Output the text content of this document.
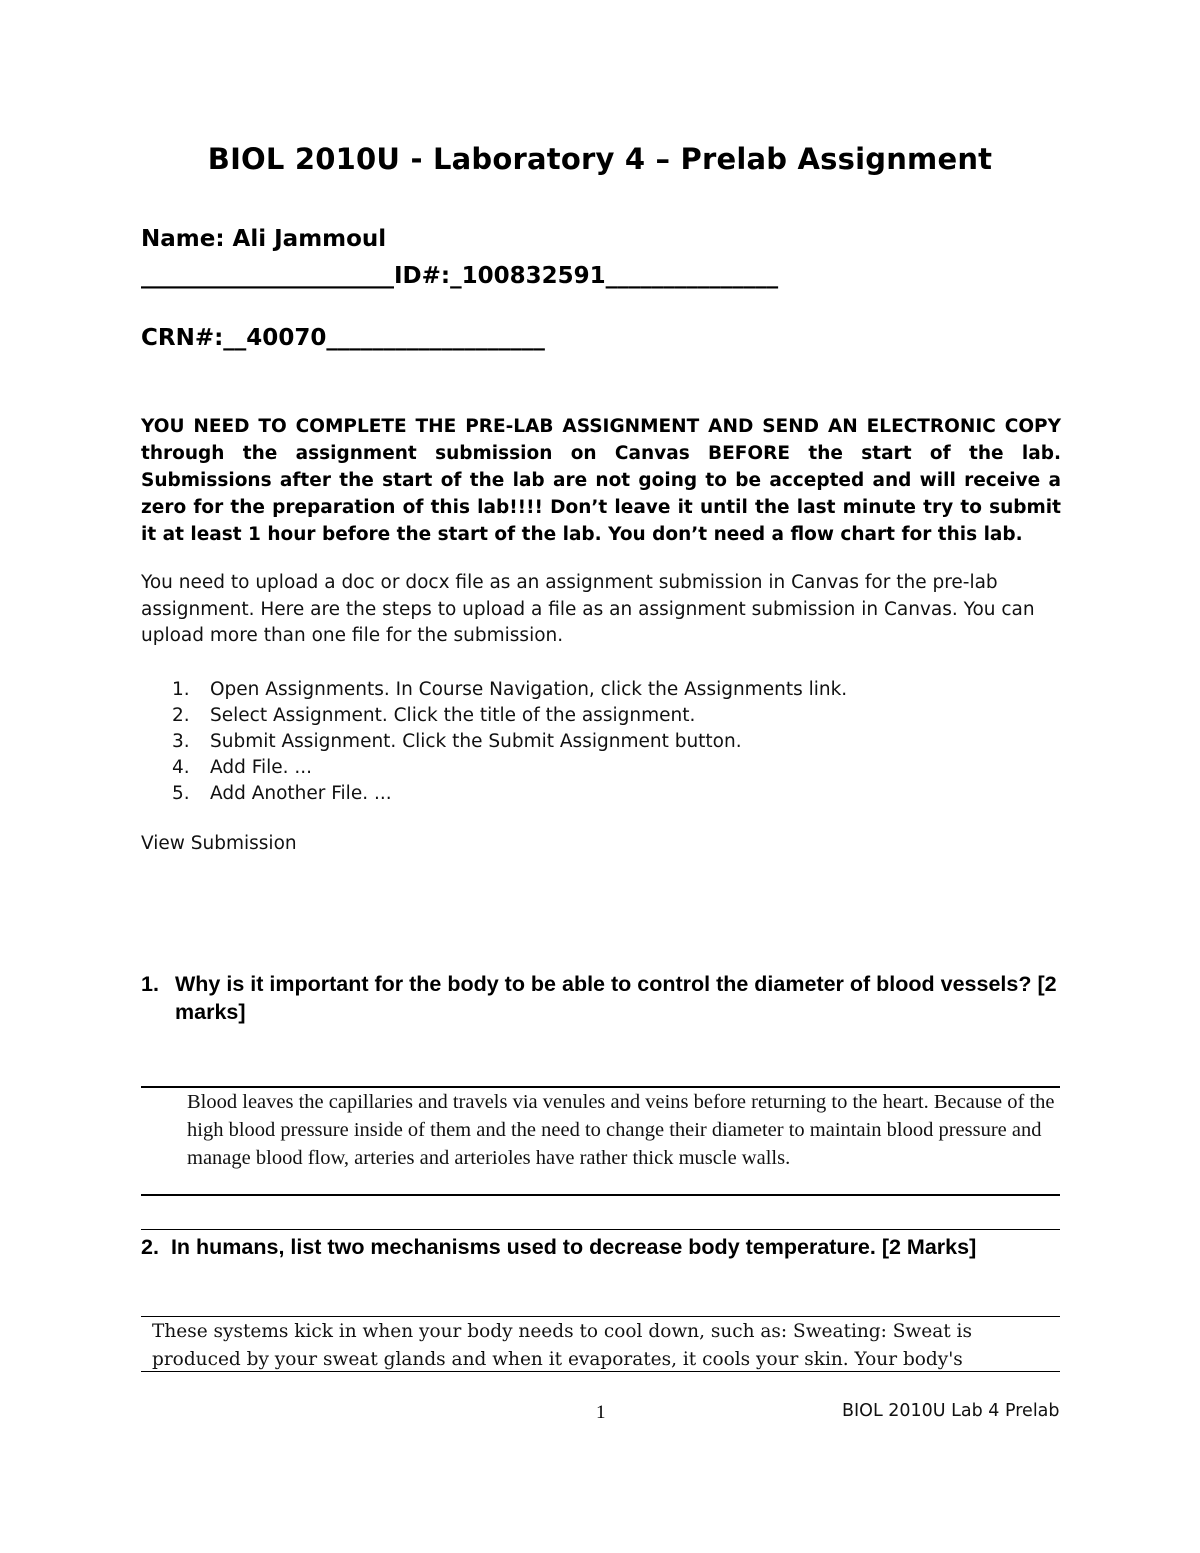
BIOL 2010U - Laboratory 4 – Prelab Assignment
Name: Ali Jammoul
______________________ID#:_100832591_______________
CRN#:__40070___________________
YOU NEED TO COMPLETE THE PRE-LAB ASSIGNMENT AND SEND AN ELECTRONIC COPY through the assignment submission on Canvas BEFORE the start of the lab. Submissions after the start of the lab are not going to be accepted and will receive a zero for the preparation of this lab!!!! Don’t leave it until the last minute try to submit it at least 1 hour before the start of the lab. You don’t need a flow chart for this lab.
You need to upload a doc or docx file as an assignment submission in Canvas for the pre-lab assignment. Here are the steps to upload a file as an assignment submission in Canvas. You can upload more than one file for the submission.
1.	Open Assignments. In Course Navigation, click the Assignments link.
2.	Select Assignment. Click the title of the assignment.
3.	Submit Assignment. Click the Submit Assignment button.
4.	Add File. ...
5.	Add Another File. ...
View Submission
1. Why is it important for the body to be able to control the diameter of blood vessels? [2 marks]
Blood leaves the capillaries and travels via venules and veins before returning to the heart. Because of the high blood pressure inside of them and the need to change their diameter to maintain blood pressure and manage blood flow, arteries and arterioles have rather thick muscle walls.
2. In humans, list two mechanisms used to decrease body temperature. [2 Marks]
These systems kick in when your body needs to cool down, such as: Sweating: Sweat is produced by your sweat glands and when it evaporates, it cools your skin. Your body's
1	BIOL 2010U Lab 4 Prelab
